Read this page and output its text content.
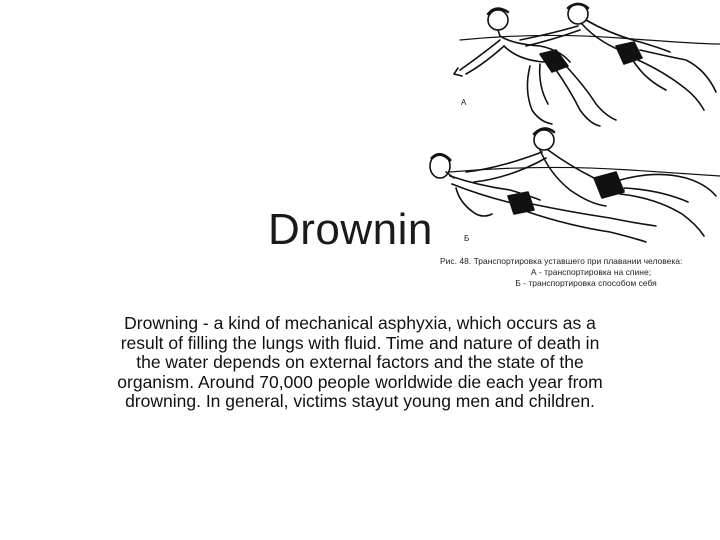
А
Б
Рис. 48. Транспортировка уставшего при плавании человека:
А - транспортировка на спине;
Б - транспортировка способом себя
Drownin
Drowning - a kind of mechanical asphyxia, which occurs as a result of filling the lungs with fluid. Time and nature of death in the water depends on external factors and the state of the organism. Around 70,000 people worldwide die each year from drowning. In general, victims stayut young men and children.
